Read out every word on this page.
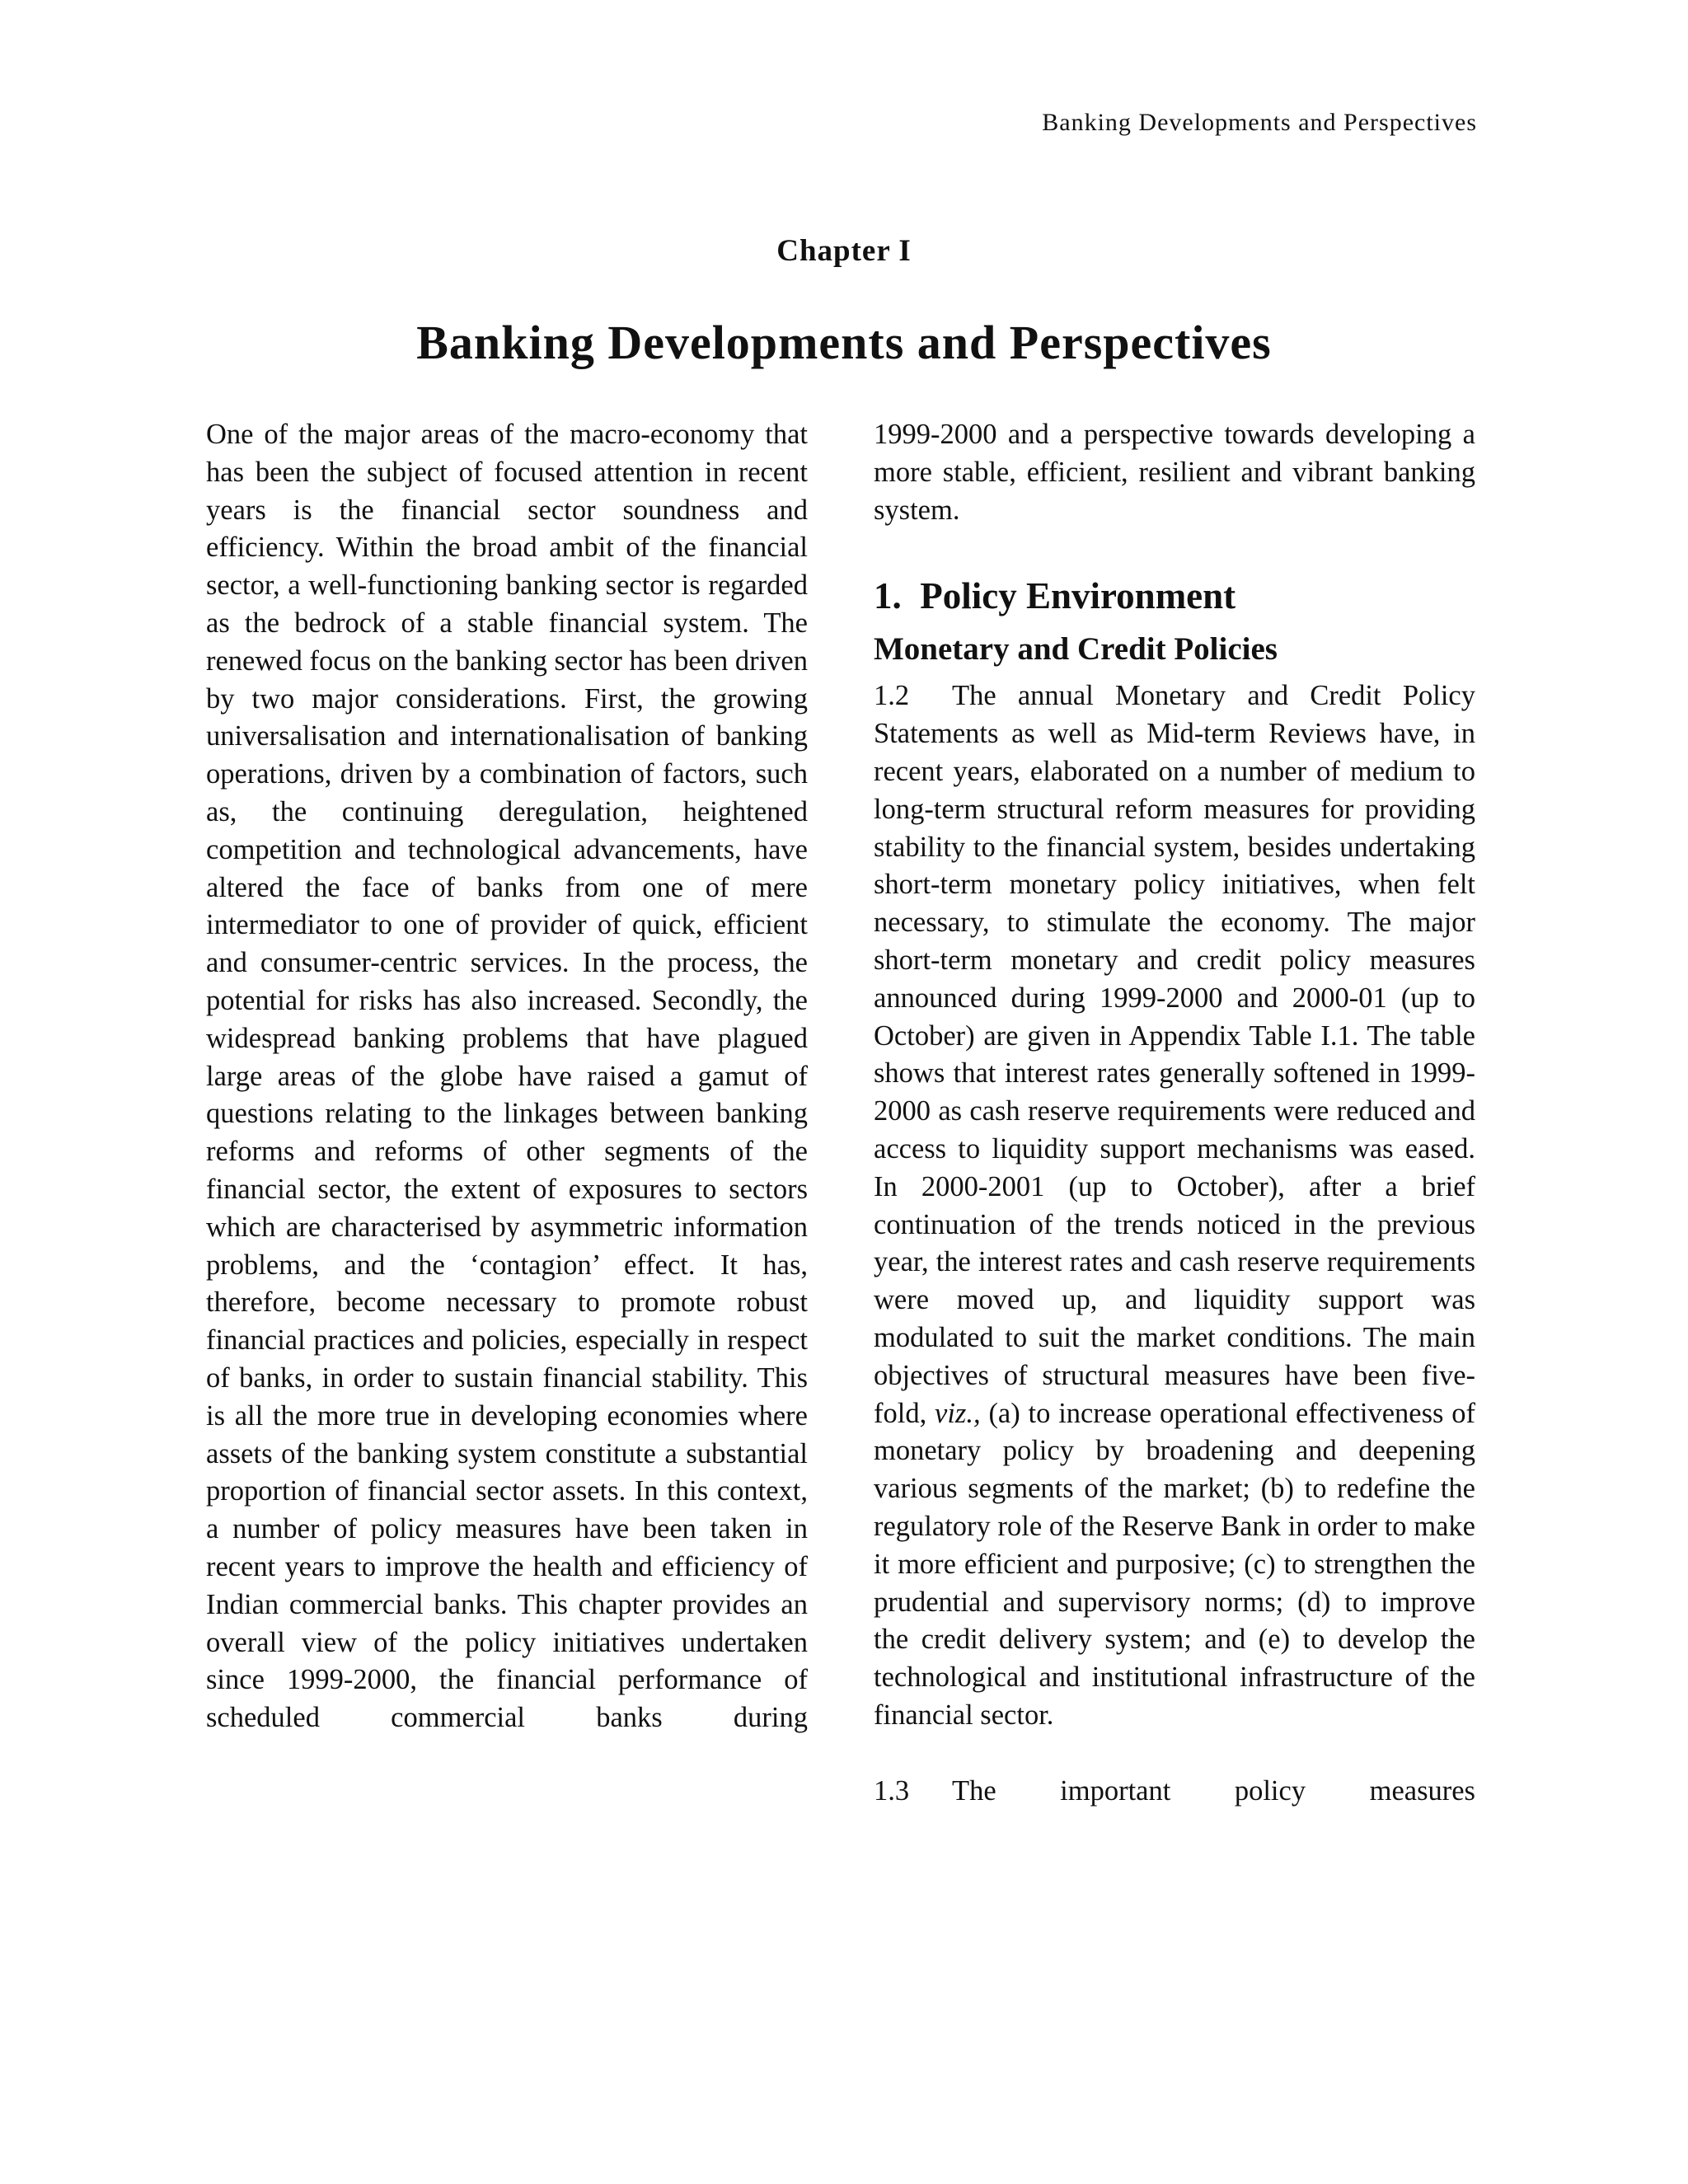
Banking Developments and Perspectives
Chapter I
Banking Developments and Perspectives

One of the major areas of the macro-economy that has been the subject of focused attention in recent years is the financial sector soundness and efficiency. Within the broad ambit of the financial sector, a well-functioning banking sector is regarded as the bedrock of a stable financial system. The renewed focus on the banking sector has been driven by two major considerations. First, the growing universalisation and internationalisation of banking operations, driven by a combination of factors, such as, the continuing deregulation, heightened competition and technological advancements, have altered the face of banks from one of mere intermediator to one of provider of quick, efficient and consumer-centric services. In the process, the potential for risks has also increased. Secondly, the widespread banking problems that have plagued large areas of the globe have raised a gamut of questions relating to the linkages between banking reforms and reforms of other segments of the financial sector, the extent of exposures to sectors which are characterised by asymmetric information problems, and the ‘contagion’ effect. It has, therefore, become necessary to promote robust financial practices and policies, especially in respect of banks, in order to sustain financial stability. This is all the more true in developing economies where assets of the banking system constitute a substantial proportion of financial sector assets. In this context, a number of policy measures have been taken in recent years to improve the health and efficiency of Indian commercial banks. This chapter provides an overall view of the policy initiatives undertaken since 1999-2000, the financial performance of scheduled commercial banks during

1999-2000 and a perspective towards developing a more stable, efficient, resilient and vibrant banking system.

1. Policy Environment
Monetary and Credit Policies

1.2 The annual Monetary and Credit Policy Statements as well as Mid-term Reviews have, in recent years, elaborated on a number of medium to long-term structural reform measures for providing stability to the financial system, besides undertaking short-term monetary policy initiatives, when felt necessary, to stimulate the economy. The major short-term monetary and credit policy measures announced during 1999-2000 and 2000-01 (up to October) are given in Appendix Table I.1. The table shows that interest rates generally softened in 1999-2000 as cash reserve requirements were reduced and access to liquidity support mechanisms was eased. In 2000-2001 (up to October), after a brief continuation of the trends noticed in the previous year, the interest rates and cash reserve requirements were moved up, and liquidity support was modulated to suit the market conditions. The main objectives of structural measures have been five-fold, viz., (a) to increase operational effectiveness of monetary policy by broadening and deepening various segments of the market; (b) to redefine the regulatory role of the Reserve Bank in order to make it more efficient and purposive; (c) to strengthen the prudential and supervisory norms; (d) to improve the credit delivery system; and (e) to develop the technological and institutional infrastructure of the financial sector.

1.3 The important policy measures
